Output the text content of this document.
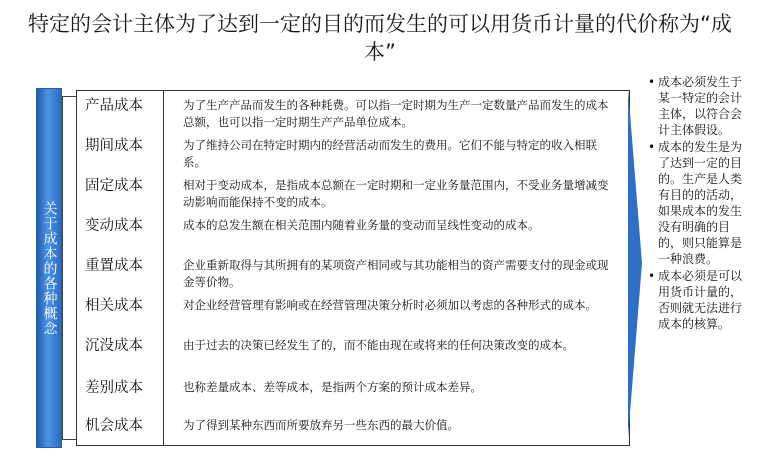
特定的会计主体为了达到一定的目的而发生的可以用货币计量的代价称为“成本”
关于成本的各种概念
产品成本	为了生产产品而发生的各种耗费。可以指一定时期为生产一定数量产品而发生的成本总额，也可以指一定时期生产产品单位成本。
期间成本	为了维持公司在特定时期内的经营活动而发生的费用。它们不能与特定的收入相联系。
固定成本	相对于变动成本，是指成本总额在一定时期和一定业务量范围内，不受业务量增减变动影响而能保持不变的成本。
变动成本	成本的总发生额在相关范围内随着业务量的变动而呈线性变动的成本。
重置成本	企业重新取得与其所拥有的某项资产相同或与其功能相当的资产需要支付的现金或现金等价物。
相关成本	对企业经营管理有影响或在经营管理决策分析时必须加以考虑的各种形式的成本。
沉没成本	由于过去的决策已经发生了的，而不能由现在或将来的任何决策改变的成本。
差别成本	也称差量成本、差等成本，是指两个方案的预计成本差异。
机会成本	为了得到某种东西而所要放弃另一些东西的最大价值。
• 成本必须发生于某一特定的会计主体，以符合会计主体假设。
• 成本的发生是为了达到一定的目的。生产是人类有目的的活动，如果成本的发生没有明确的目的，则只能算是一种浪费。
• 成本必须是可以用货币计量的，否则就无法进行成本的核算。
